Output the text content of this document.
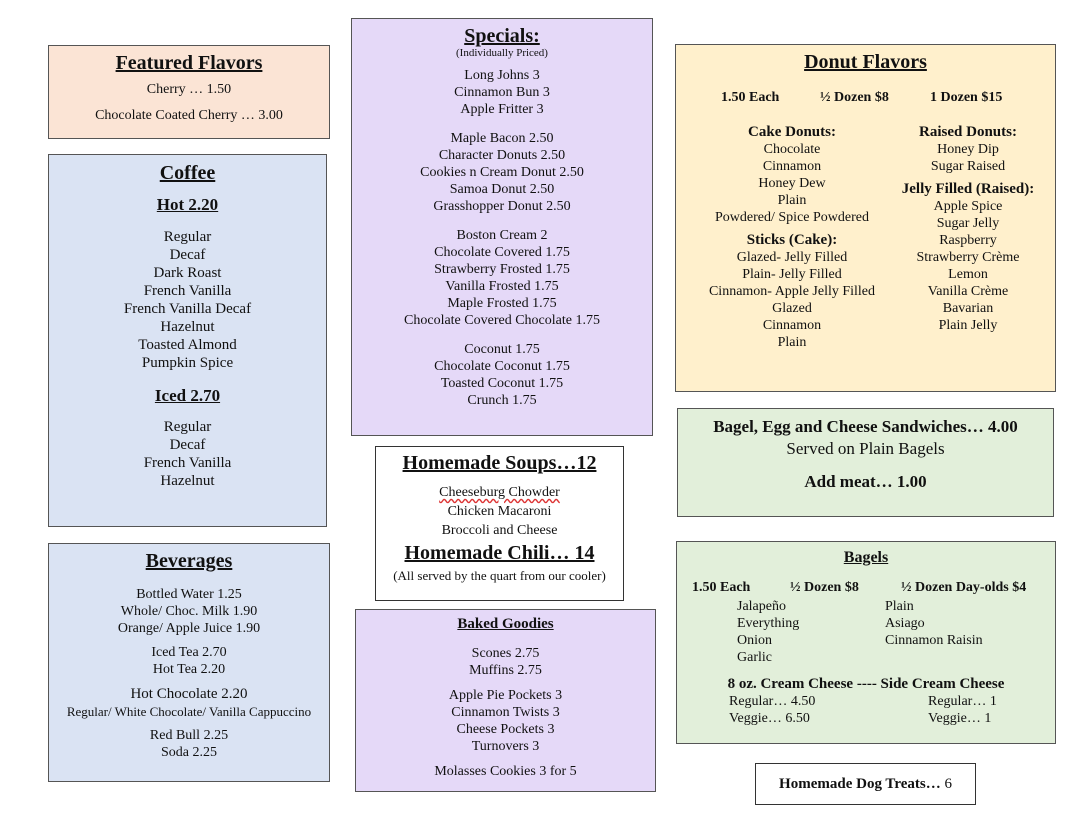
Featured Flavors
Cherry … 1.50
Chocolate Coated Cherry … 3.00
Coffee
Hot 2.20
Regular
Decaf
Dark Roast
French Vanilla
French Vanilla Decaf
Hazelnut
Toasted Almond
Pumpkin Spice
Iced 2.70
Regular
Decaf
French Vanilla
Hazelnut
Beverages
Bottled Water 1.25
Whole/ Choc. Milk 1.90
Orange/ Apple Juice 1.90
Iced Tea 2.70
Hot Tea 2.20
Hot Chocolate 2.20
Regular/ White Chocolate/ Vanilla Cappuccino
Red Bull 2.25
Soda 2.25
Specials:
(Individually Priced)
Long Johns 3
Cinnamon Bun 3
Apple Fritter 3
Maple Bacon 2.50
Character Donuts 2.50
Cookies n Cream Donut 2.50
Samoa Donut 2.50
Grasshopper Donut 2.50
Boston Cream 2
Chocolate Covered 1.75
Strawberry Frosted 1.75
Vanilla Frosted 1.75
Maple Frosted 1.75
Chocolate Covered Chocolate 1.75
Coconut 1.75
Chocolate Coconut 1.75
Toasted Coconut 1.75
Crunch 1.75
Homemade Soups…12
Cheeseburg Chowder
Chicken Macaroni
Broccoli and Cheese
Homemade Chili… 14
(All served by the quart from our cooler)
Baked Goodies
Scones 2.75
Muffins 2.75
Apple Pie Pockets 3
Cinnamon Twists 3
Cheese Pockets 3
Turnovers 3
Molasses Cookies 3 for 5
Donut Flavors
1.50 Each	½ Dozen $8	1 Dozen $15
Cake Donuts:
Chocolate
Cinnamon
Honey Dew
Plain
Powdered/ Spice Powdered
Sticks (Cake):
Glazed- Jelly Filled
Plain- Jelly Filled
Cinnamon- Apple Jelly Filled
Glazed
Cinnamon
Plain
Raised Donuts:
Honey Dip
Sugar Raised
Jelly Filled (Raised):
Apple Spice
Sugar Jelly
Raspberry
Strawberry Crème
Lemon
Vanilla Crème
Bavarian
Plain Jelly
Bagel, Egg and Cheese Sandwiches… 4.00
Served on Plain Bagels
Add meat… 1.00
Bagels
1.50 Each	½ Dozen $8	½ Dozen Day-olds $4
Jalapeño
Everything
Onion
Garlic
Plain
Asiago
Cinnamon Raisin
8 oz. Cream Cheese ---- Side Cream Cheese
Regular… 4.50
Veggie… 6.50
Regular… 1
Veggie… 1
Homemade Dog Treats… 6
